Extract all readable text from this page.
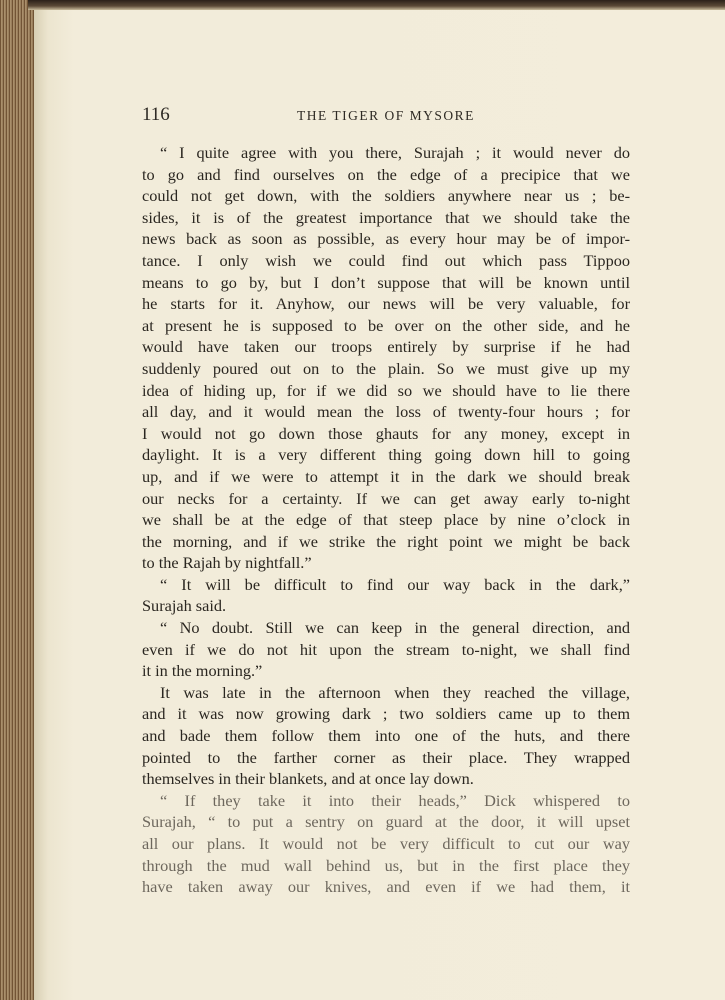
116	THE TIGER OF MYSORE
“ I quite agree with you there, Surajah ; it would never do
to go and find ourselves on the edge of a precipice that we
could not get down, with the soldiers anywhere near us ; be-
sides, it is of the greatest importance that we should take the
news back as soon as possible, as every hour may be of impor-
tance. I only wish we could find out which pass Tippoo
means to go by, but I don’t suppose that will be known until
he starts for it. Anyhow, our news will be very valuable, for
at present he is supposed to be over on the other side, and he
would have taken our troops entirely by surprise if he had
suddenly poured out on to the plain. So we must give up my
idea of hiding up, for if we did so we should have to lie there
all day, and it would mean the loss of twenty-four hours ; for
I would not go down those ghauts for any money, except in
daylight. It is a very different thing going down hill to going
up, and if we were to attempt it in the dark we should break
our necks for a certainty. If we can get away early to-night
we shall be at the edge of that steep place by nine o’clock in
the morning, and if we strike the right point we might be back
to the Rajah by nightfall.”
“ It will be difficult to find our way back in the dark,”
Surajah said.
“ No doubt. Still we can keep in the general direction, and
even if we do not hit upon the stream to-night, we shall find
it in the morning.”
It was late in the afternoon when they reached the village,
and it was now growing dark ; two soldiers came up to them
and bade them follow them into one of the huts, and there
pointed to the farther corner as their place. They wrapped
themselves in their blankets, and at once lay down.
“ If they take it into their heads,” Dick whispered to
Surajah, “ to put a sentry on guard at the door, it will upset
all our plans. It would not be very difficult to cut our way
through the mud wall behind us, but in the first place they
have taken away our knives, and even if we had them, it
